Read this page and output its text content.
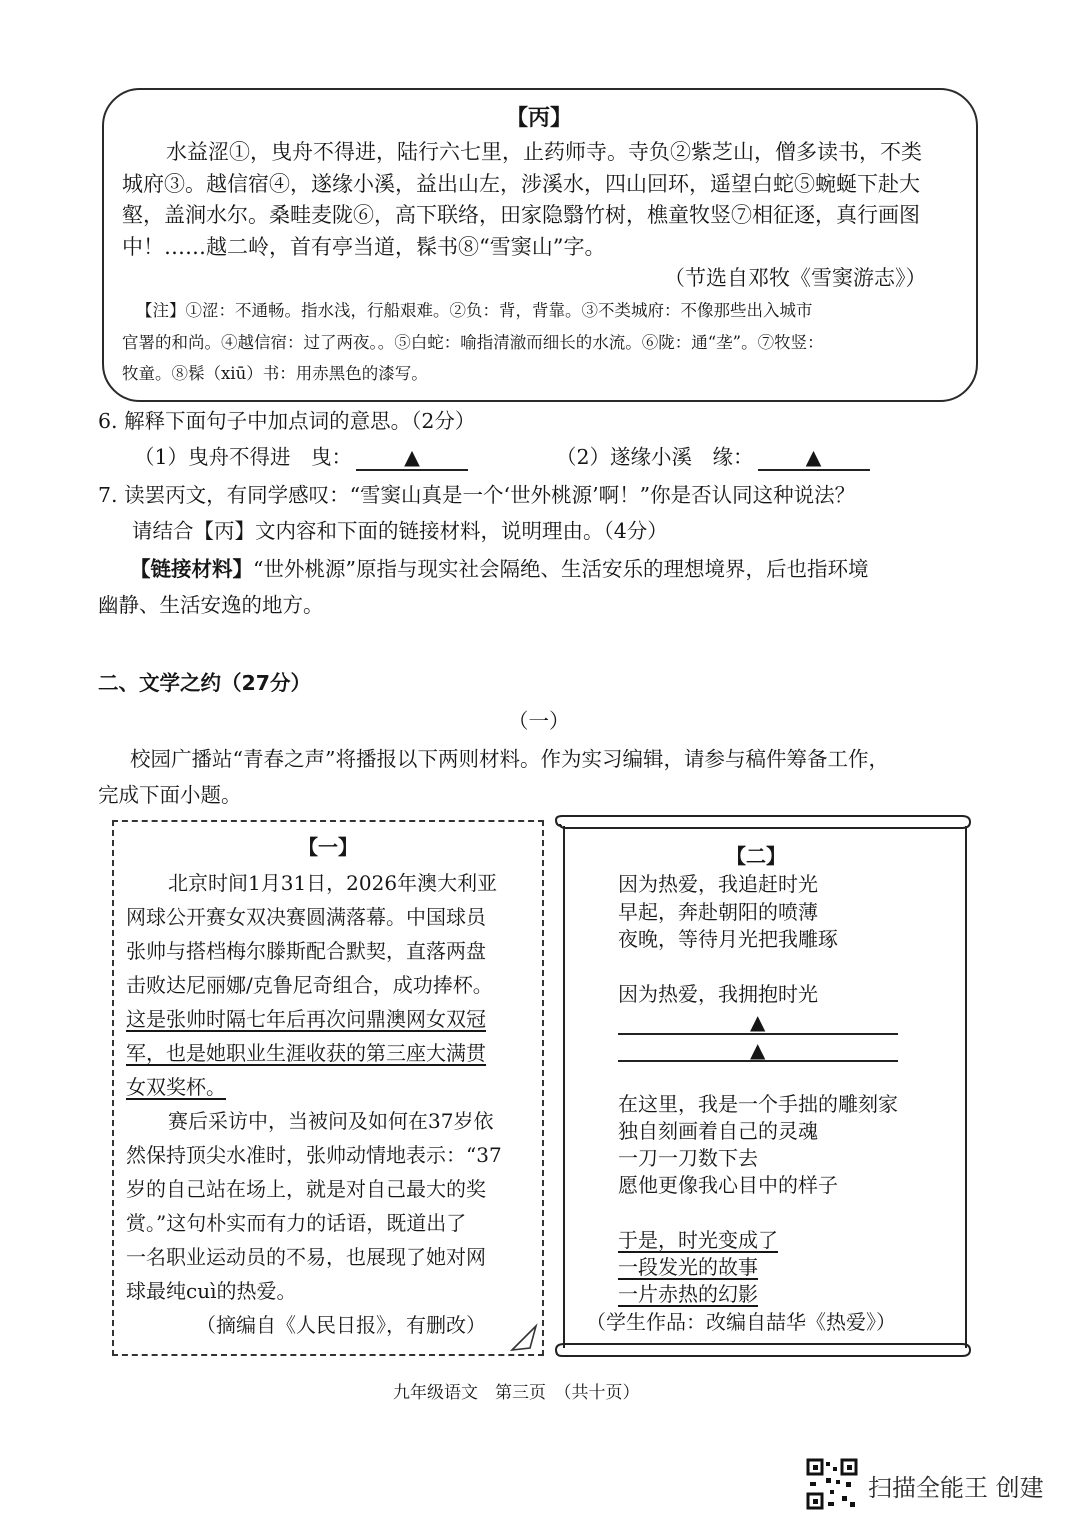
【丙】
水益涩①，曳舟不得进，陆行六七里，止药师寺。寺负②紫芝山，僧多读书，不类
城府③。越信宿④，遂缘小溪，益出山左，涉溪水，四山回环，遥望白蛇⑤蜿蜒下赴大
壑，盖涧水尔。桑畦麦陇⑥，高下联络，田家隐翳竹树，樵童牧竖⑦相征逐，真行画图
中！……越二岭，首有亭当道，髹书⑧“雪窦山”字。
（节选自邓牧《雪窦游志》）
【注】①涩：不通畅。指水浅，行船艰难。②负：背，背靠。③不类城府：不像那些出入城市
官署的和尚。④越信宿：过了两夜。。⑤白蛇：喻指清澈而细长的水流。⑥陇：通“垄”。⑦牧竖：
牧童。⑧髹（xiū）书：用赤黑色的漆写。
6. 解释下面句子中加点词的意思。（2分）
（1）曳舟不得进　曳：	▲	（2）遂缘小溪　缘：	▲
7. 读罢丙文，有同学感叹：“雪窦山真是一个‘世外桃源’啊！”你是否认同这种说法？
请结合【丙】文内容和下面的链接材料，说明理由。（4分）
【链接材料】“世外桃源”原指与现实社会隔绝、生活安乐的理想境界，后也指环境
幽静、生活安逸的地方。
二、文学之约（27分）
（一）
校园广播站“青春之声”将播报以下两则材料。作为实习编辑，请参与稿件筹备工作，
完成下面小题。
【一】
北京时间1月31日，2026年澳大利亚
网球公开赛女双决赛圆满落幕。中国球员
张帅与搭档梅尔滕斯配合默契，直落两盘
击败达尼丽娜/克鲁尼奇组合，成功捧杯。
这是张帅时隔七年后再次问鼎澳网女双冠
军，也是她职业生涯收获的第三座大满贯
女双奖杯。
赛后采访中，当被问及如何在37岁依
然保持顶尖水准时，张帅动情地表示：“37
岁的自己站在场上，就是对自己最大的奖
赏。”这句朴实而有力的话语，既道出了
一名职业运动员的不易，也展现了她对网
球最纯cuì的热爱。
（摘编自《人民日报》，有删改）
【二】
因为热爱，我追赶时光
早起，奔赴朝阳的喷薄
夜晚，等待月光把我雕琢
因为热爱，我拥抱时光
▲
▲
在这里，我是一个手拙的雕刻家
独自刻画着自己的灵魂
一刀一刀数下去
愿他更像我心目中的样子
于是，时光变成了
一段发光的故事
一片赤热的幻影
（学生作品：改编自喆华《热爱》）
九年级语文　第三页　（共十页）
扫描全能王 创建
